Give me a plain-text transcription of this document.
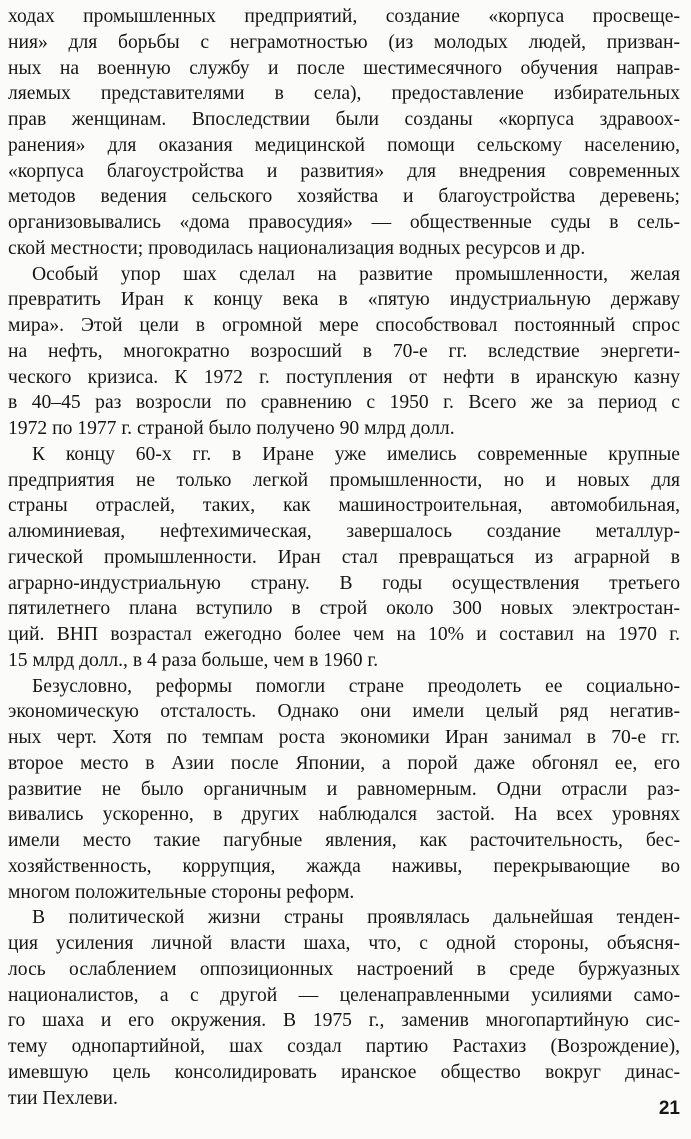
ходах промышленных предприятий, создание «корпуса просвеще-
ния» для борьбы с неграмотностью (из молодых людей, призван-
ных на военную службу и после шестимесячного обучения направ-
ляемых представителями в села), предоставление избирательных
прав женщинам. Впоследствии были созданы «корпуса здравоох-
ранения» для оказания медицинской помощи сельскому населению,
«корпуса благоустройства и развития» для внедрения современных
методов ведения сельского хозяйства и благоустройства деревень;
организовывались «дома правосудия» — общественные суды в сель-
ской местности; проводилась национализация водных ресурсов и др.
Особый упор шах сделал на развитие промышленности, желая
превратить Иран к концу века в «пятую индустриальную державу
мира». Этой цели в огромной мере способствовал постоянный спрос
на нефть, многократно возросший в 70-е гг. вследствие энергети-
ческого кризиса. К 1972 г. поступления от нефти в иранскую казну
в 40–45 раз возросли по сравнению с 1950 г. Всего же за период с
1972 по 1977 г. страной было получено 90 млрд долл.
К концу 60-х гг. в Иране уже имелись современные крупные
предприятия не только легкой промышленности, но и новых для
страны отраслей, таких, как машиностроительная, автомобильная,
алюминиевая, нефтехимическая, завершалось создание металлур-
гической промышленности. Иран стал превращаться из аграрной в
аграрно-индустриальную страну. В годы осуществления третьего
пятилетнего плана вступило в строй около 300 новых электростан-
ций. ВНП возрастал ежегодно более чем на 10% и составил на 1970 г.
15 млрд долл., в 4 раза больше, чем в 1960 г.
Безусловно, реформы помогли стране преодолеть ее социально-
экономическую отсталость. Однако они имели целый ряд негатив-
ных черт. Хотя по темпам роста экономики Иран занимал в 70-е гг.
второе место в Азии после Японии, а порой даже обгонял ее, его
развитие не было органичным и равномерным. Одни отрасли раз-
вивались ускоренно, в других наблюдался застой. На всех уровнях
имели место такие пагубные явления, как расточительность, бес-
хозяйственность, коррупция, жажда наживы, перекрывающие во
многом положительные стороны реформ.
В политической жизни страны проявлялась дальнейшая тенден-
ция усиления личной власти шаха, что, с одной стороны, объясня-
лось ослаблением оппозиционных настроений в среде буржуазных
националистов, а с другой — целенаправленными усилиями само-
го шаха и его окружения. В 1975 г., заменив многопартийную сис-
тему однопартийной, шах создал партию Растахиз (Возрождение),
имевшую цель консолидировать иранское общество вокруг динас-
тии Пехлеви.	21
